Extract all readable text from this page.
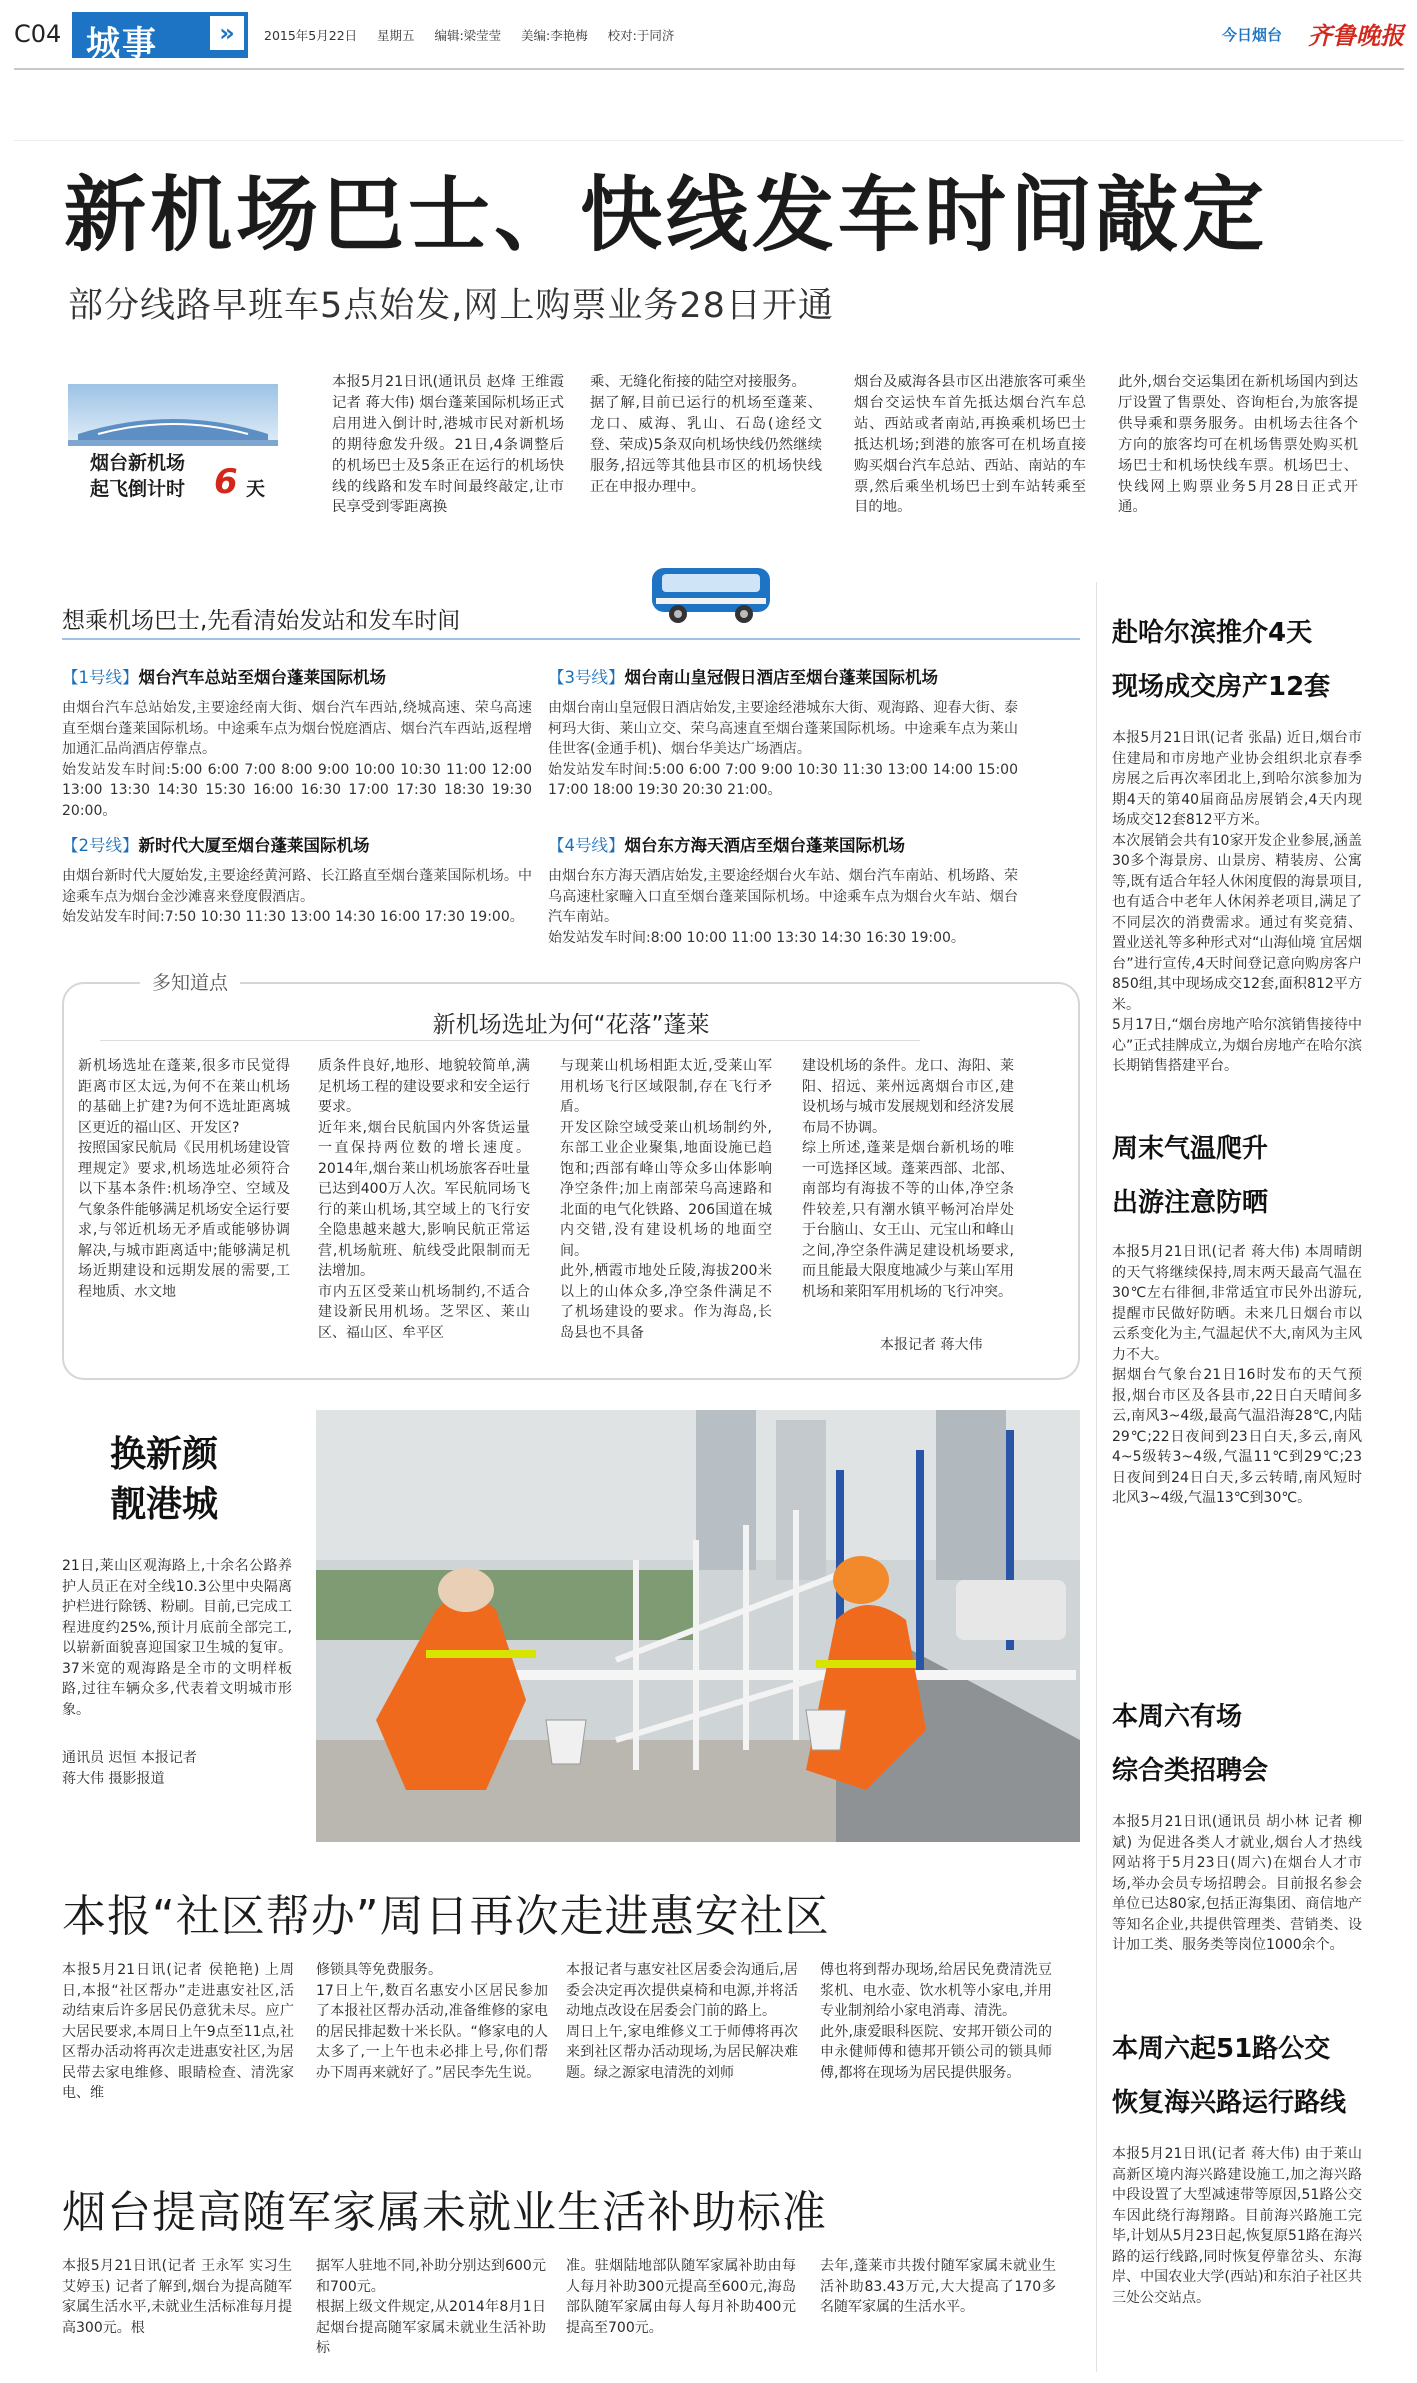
C04 城事	»	2015年5月22日 星期五 编辑:梁莹莹 美编:李艳梅 校对:于同济	今日烟台 齐鲁晚报
新机场巴士、快线发车时间敲定
部分线路早班车5点始发,网上购票业务28日开通
烟台新机场
起飞倒计时 6 天
本报5月21日讯(通讯员 赵烽 王维霞 记者 蒋大伟) 烟台蓬莱国际机场正式启用进入倒计时,港城市民对新机场的期待愈发升级。21日,4条调整后的机场巴士及5条正在运行的机场快线的线路和发车时间最终敲定,让市民享受到零距离换
乘、无缝化衔接的陆空对接服务。
据了解,目前已运行的机场至蓬莱、龙口、威海、乳山、石岛(途经文登、荣成)5条双向机场快线仍然继续服务,招远等其他县市区的机场快线正在申报办理中。
烟台及威海各县市区出港旅客可乘坐烟台交运快车首先抵达烟台汽车总站、西站或者南站,再换乘机场巴士抵达机场;到港的旅客可在机场直接购买烟台汽车总站、西站、南站的车票,然后乘坐机场巴士到车站转乘至目的地。
此外,烟台交运集团在新机场国内到达厅设置了售票处、咨询柜台,为旅客提供导乘和票务服务。由机场去往各个方向的旅客均可在机场售票处购买机场巴士和机场快线车票。机场巴士、快线网上购票业务5月28日正式开通。
想乘机场巴士,先看清始发站和发车时间
【1号线】烟台汽车总站至烟台蓬莱国际机场
由烟台汽车总站始发,主要途经南大街、烟台汽车西站,绕城高速、荣乌高速直至烟台蓬莱国际机场。中途乘车点为烟台悦庭酒店、烟台汽车西站,返程增加通汇品尚酒店停靠点。
始发站发车时间:5:00 6:00 7:00 8:00 9:00 10:00 10:30 11:00 12:00 13:00 13:30 14:30 15:30 16:00 16:30 17:00 17:30 18:30 19:30 20:00。
【2号线】新时代大厦至烟台蓬莱国际机场
由烟台新时代大厦始发,主要途经黄河路、长江路直至烟台蓬莱国际机场。中途乘车点为烟台金沙滩喜来登度假酒店。
始发站发车时间:7:50 10:30 11:30 13:00 14:30 16:00 17:30 19:00。
【3号线】烟台南山皇冠假日酒店至烟台蓬莱国际机场
由烟台南山皇冠假日酒店始发,主要途经港城东大街、观海路、迎春大街、泰柯玛大街、莱山立交、荣乌高速直至烟台蓬莱国际机场。中途乘车点为莱山佳世客(金通手机)、烟台华美达广场酒店。
始发站发车时间:5:00 6:00 7:00 9:00 10:30 11:30 13:00 14:00 15:00 17:00 18:00 19:30 20:30 21:00。
【4号线】烟台东方海天酒店至烟台蓬莱国际机场
由烟台东方海天酒店始发,主要途经烟台火车站、烟台汽车南站、机场路、荣乌高速杜家疃入口直至烟台蓬莱国际机场。中途乘车点为烟台火车站、烟台汽车南站。
始发站发车时间:8:00 10:00 11:00 13:30 14:30 16:30 19:00。
多知道点
新机场选址为何“花落”蓬莱
新机场选址在蓬莱,很多市民觉得距离市区太远,为何不在莱山机场的基础上扩建?为何不选址距离城区更近的福山区、开发区?
按照国家民航局《民用机场建设管理规定》要求,机场选址必须符合以下基本条件:机场净空、空域及气象条件能够满足机场安全运行要求,与邻近机场无矛盾或能够协调解决,与城市距离适中;能够满足机场近期建设和远期发展的需要,工程地质、水文地
质条件良好,地形、地貌较简单,满足机场工程的建设要求和安全运行要求。
近年来,烟台民航国内外客货运量一直保持两位数的增长速度。2014年,烟台莱山机场旅客吞吐量已达到400万人次。军民航同场飞行的莱山机场,其空域上的飞行安全隐患越来越大,影响民航正常运营,机场航班、航线受此限制而无法增加。
市内五区受莱山机场制约,不适合建设新民用机场。芝罘区、莱山区、福山区、牟平区
与现莱山机场相距太近,受莱山军用机场飞行区域限制,存在飞行矛盾。
开发区除空域受莱山机场制约外,东部工业企业聚集,地面设施已趋饱和;西部有峰山等众多山体影响净空条件;加上南部荣乌高速路和北面的电气化铁路、206国道在城内交错,没有建设机场的地面空间。
此外,栖霞市地处丘陵,海拔200米以上的山体众多,净空条件满足不了机场建设的要求。作为海岛,长岛县也不具备
建设机场的条件。龙口、海阳、莱阳、招远、莱州远离烟台市区,建设机场与城市发展规划和经济发展布局不协调。
综上所述,蓬莱是烟台新机场的唯一可选择区域。蓬莱西部、北部、南部均有海拔不等的山体,净空条件较差,只有潮水镇平畅河冶岸处于台脑山、女王山、元宝山和峰山之间,净空条件满足建设机场要求,而且能最大限度地减少与莱山军用机场和莱阳军用机场的飞行冲突。
本报记者 蒋大伟
换新颜
靓港城
21日,莱山区观海路上,十余名公路养护人员正在对全线10.3公里中央隔离护栏进行除锈、粉刷。目前,已完成工程进度约25%,预计月底前全部完工,以崭新面貌喜迎国家卫生城的复审。37米宽的观海路是全市的文明样板路,过往车辆众多,代表着文明城市形象。
通讯员 迟恒 本报记者
蒋大伟 摄影报道
本报“社区帮办”周日再次走进惠安社区
本报5月21日讯(记者 侯艳艳) 上周日,本报“社区帮办”走进惠安社区,活动结束后许多居民仍意犹未尽。应广大居民要求,本周日上午9点至11点,社区帮办活动将再次走进惠安社区,为居民带去家电维修、眼睛检查、清洗家电、维
修锁具等免费服务。
17日上午,数百名惠安小区居民参加了本报社区帮办活动,准备维修的家电的居民排起数十米长队。“修家电的人太多了,一上午也未必排上号,你们帮办下周再来就好了。”居民李先生说。
本报记者与惠安社区居委会沟通后,居委会决定再次提供桌椅和电源,并将活动地点改设在居委会门前的路上。
周日上午,家电维修义工于师傅将再次来到社区帮办活动现场,为居民解决难题。绿之源家电清洗的刘师
傅也将到帮办现场,给居民免费清洗豆浆机、电水壶、饮水机等小家电,并用专业制剂给小家电消毒、清洗。
此外,康爱眼科医院、安邦开锁公司的申永健师傅和德邦开锁公司的锁具师傅,都将在现场为居民提供服务。
烟台提高随军家属未就业生活补助标准
本报5月21日讯(记者 王永军 实习生 艾婷玉) 记者了解到,烟台为提高随军家属生活水平,未就业生活标准每月提高300元。根
据军人驻地不同,补助分别达到600元和700元。
根据上级文件规定,从2014年8月1日起烟台提高随军家属未就业生活补助标
准。驻烟陆地部队随军家属补助由每人每月补助300元提高至600元,海岛部队随军家属由每人每月补助400元提高至700元。
去年,蓬莱市共拨付随军家属未就业生活补助83.43万元,大大提高了170多名随军家属的生活水平。
赴哈尔滨推介4天
现场成交房产12套
本报5月21日讯(记者 张晶) 近日,烟台市住建局和市房地产业协会组织北京春季房展之后再次率团北上,到哈尔滨参加为期4天的第40届商品房展销会,4天内现场成交12套812平方米。
本次展销会共有10家开发企业参展,涵盖30多个海景房、山景房、精装房、公寓等,既有适合年轻人休闲度假的海景项目,也有适合中老年人休闲养老项目,满足了不同层次的消费需求。通过有奖竞猜、置业送礼等多种形式对“山海仙境 宜居烟台”进行宣传,4天时间登记意向购房客户850组,其中现场成交12套,面积812平方米。
5月17日,“烟台房地产哈尔滨销售接待中心”正式挂牌成立,为烟台房地产在哈尔滨长期销售搭建平台。
周末气温爬升
出游注意防晒
本报5月21日讯(记者 蒋大伟) 本周晴朗的天气将继续保持,周末两天最高气温在30℃左右徘徊,非常适宜市民外出游玩,提醒市民做好防晒。未来几日烟台市以云系变化为主,气温起伏不大,南风为主风力不大。
据烟台气象台21日16时发布的天气预报,烟台市区及各县市,22日白天晴间多云,南风3~4级,最高气温沿海28℃,内陆29℃;22日夜间到23日白天,多云,南风4~5级转3~4级,气温11℃到29℃;23日夜间到24日白天,多云转晴,南风短时北风3~4级,气温13℃到30℃。
本周六有场
综合类招聘会
本报5月21日讯(通讯员 胡小林 记者 柳斌) 为促进各类人才就业,烟台人才热线网站将于5月23日(周六)在烟台人才市场,举办会员专场招聘会。目前报名参会单位已达80家,包括正海集团、商信地产等知名企业,共提供管理类、营销类、设计加工类、服务类等岗位1000余个。
本周六起51路公交
恢复海兴路运行路线
本报5月21日讯(记者 蒋大伟) 由于莱山高新区境内海兴路建设施工,加之海兴路中段设置了大型减速带等原因,51路公交车因此绕行海翔路。目前海兴路施工完毕,计划从5月23日起,恢复原51路在海兴路的运行线路,同时恢复停靠岔头、东海岸、中国农业大学(西站)和东泊子社区共三处公交站点。
